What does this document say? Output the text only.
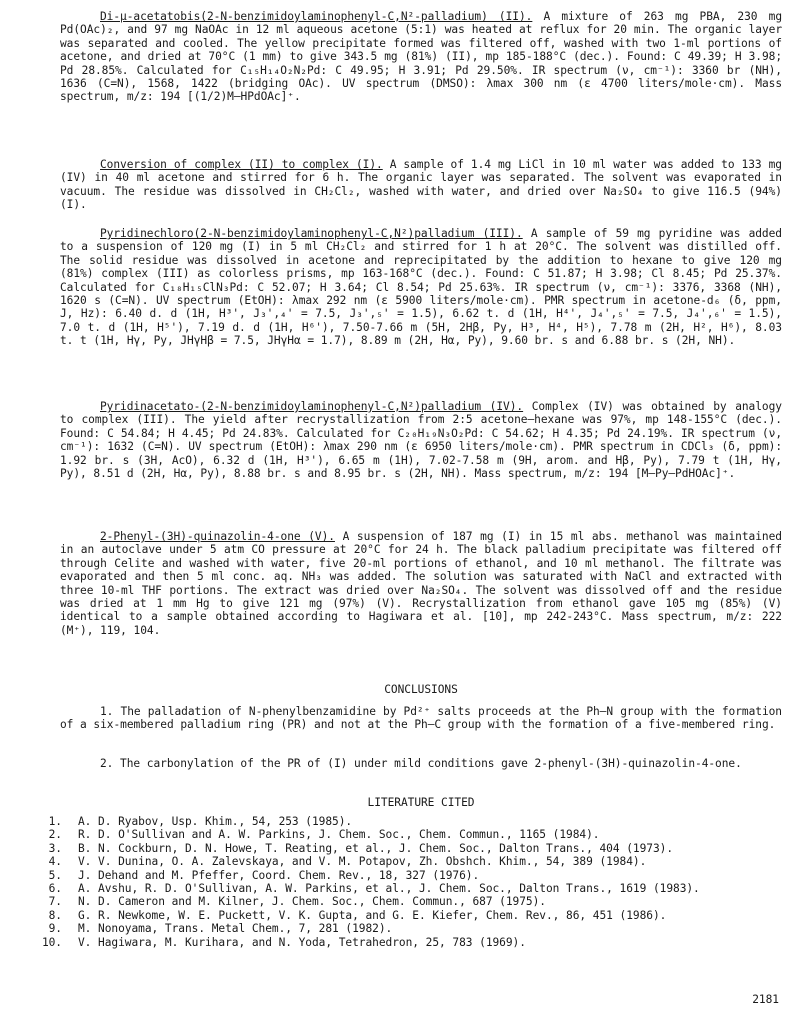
Di-μ-acetatobis(2-N-benzimidoylaminophenyl-C,N²-palladium) (II). A mixture of 263 mg PBA, 230 mg Pd(OAc)₂, and 97 mg NaOAc in 12 ml aqueous acetone (5:1) was heated at reflux for 20 min. The organic layer was separated and cooled. The yellow precipitate formed was filtered off, washed with two 1-ml portions of acetone, and dried at 70°C (1 mm) to give 343.5 mg (81%) (II), mp 185-188°C (dec.). Found: C 49.39; H 3.98; Pd 28.85%. Calculated for C₁₅H₁₄O₂N₂Pd: C 49.95; H 3.91; Pd 29.50%. IR spectrum (ν, cm⁻¹): 3360 br (NH), 1636 (C=N), 1568, 1422 (bridging OAc). UV spectrum (DMSO): λmax 300 nm (ε 4700 liters/mole·cm). Mass spectrum, m/z: 194 [(1/2)M–HPdOAc]⁺.

Conversion of complex (II) to complex (I). A sample of 1.4 mg LiCl in 10 ml water was added to 133 mg (IV) in 40 ml acetone and stirred for 6 h. The organic layer was separated. The solvent was evaporated in vacuum. The residue was dissolved in CH₂Cl₂, washed with water, and dried over Na₂SO₄ to give 116.5 (94%) (I).

Pyridinechloro(2-N-benzimidoylaminophenyl-C,N²)palladium (III). A sample of 59 mg pyridine was added to a suspension of 120 mg (I) in 5 ml CH₂Cl₂ and stirred for 1 h at 20°C. The solvent was distilled off. The solid residue was dissolved in acetone and reprecipitated by the addition to hexane to give 120 mg (81%) complex (III) as colorless prisms, mp 163-168°C (dec.). Found: C 51.87; H 3.98; Cl 8.45; Pd 25.37%. Calculated for C₁₈H₁₅ClN₃Pd: C 52.07; H 3.64; Cl 8.54; Pd 25.63%. IR spectrum (ν, cm⁻¹): 3376, 3368 (NH), 1620 s (C=N). UV spectrum (EtOH): λmax 292 nm (ε 5900 liters/mole·cm). PMR spectrum in acetone-d₆ (δ, ppm, J, Hz): 6.40 d. d (1H, H³', J₃',₄' = 7.5, J₃',₅' = 1.5), 6.62 t. d (1H, H⁴', J₄',₅' = 7.5, J₄',₆' = 1.5), 7.0 t. d (1H, H⁵'), 7.19 d. d (1H, H⁶'), 7.50-7.66 m (5H, 2Hβ, Py, H³, H⁴, H⁵), 7.78 m (2H, H², H⁶), 8.03 t. t (1H, Hγ, Py, JHγHβ = 7.5, JHγHα = 1.7), 8.89 m (2H, Hα, Py), 9.60 br. s and 6.88 br. s (2H, NH).

Pyridinacetato-(2-N-benzimidoylaminophenyl-C,N²)palladium (IV). Complex (IV) was obtained by analogy to complex (III). The yield after recrystallization from 2:5 acetone–hexane was 97%, mp 148-155°C (dec.). Found: C 54.84; H 4.45; Pd 24.83%. Calculated for C₂₀H₁₉N₃O₂Pd: C 54.62; H 4.35; Pd 24.19%. IR spectrum (ν, cm⁻¹): 1632 (C=N). UV spectrum (EtOH): λmax 290 nm (ε 6950 liters/mole·cm). PMR spectrum in CDCl₃ (δ, ppm): 1.92 br. s (3H, AcO), 6.32 d (1H, H³'), 6.65 m (1H), 7.02-7.58 m (9H, arom. and Hβ, Py), 7.79 t (1H, Hγ, Py), 8.51 d (2H, Hα, Py), 8.88 br. s and 8.95 br. s (2H, NH). Mass spectrum, m/z: 194 [M–Py–PdHOAc]⁺.

2-Phenyl-(3H)-quinazolin-4-one (V). A suspension of 187 mg (I) in 15 ml abs. methanol was maintained in an autoclave under 5 atm CO pressure at 20°C for 24 h. The black palladium precipitate was filtered off through Celite and washed with water, five 20-ml portions of ethanol, and 10 ml methanol. The filtrate was evaporated and then 5 ml conc. aq. NH₃ was added. The solution was saturated with NaCl and extracted with three 10-ml THF portions. The extract was dried over Na₂SO₄. The solvent was dissolved off and the residue was dried at 1 mm Hg to give 121 mg (97%) (V). Recrystallization from ethanol gave 105 mg (85%) (V) identical to a sample obtained according to Hagiwara et al. [10], mp 242-243°C. Mass spectrum, m/z: 222 (M⁺), 119, 104.

CONCLUSIONS

1. The palladation of N-phenylbenzamidine by Pd²⁺ salts proceeds at the Ph–N group with the formation of a six-membered palladium ring (PR) and not at the Ph–C group with the formation of a five-membered ring.

2. The carbonylation of the PR of (I) under mild conditions gave 2-phenyl-(3H)-quinazolin-4-one.

LITERATURE CITED

1. A. D. Ryabov, Usp. Khim., 54, 253 (1985).
2. R. D. O'Sullivan and A. W. Parkins, J. Chem. Soc., Chem. Commun., 1165 (1984).
3. B. N. Cockburn, D. N. Howe, T. Reating, et al., J. Chem. Soc., Dalton Trans., 404 (1973).
4. V. V. Dunina, O. A. Zalevskaya, and V. M. Potapov, Zh. Obshch. Khim., 54, 389 (1984).
5. J. Dehand and M. Pfeffer, Coord. Chem. Rev., 18, 327 (1976).
6. A. Avshu, R. D. O'Sullivan, A. W. Parkins, et al., J. Chem. Soc., Dalton Trans., 1619 (1983).
7. N. D. Cameron and M. Kilner, J. Chem. Soc., Chem. Commun., 687 (1975).
8. G. R. Newkome, W. E. Puckett, V. K. Gupta, and G. E. Kiefer, Chem. Rev., 86, 451 (1986).
9. M. Nonoyama, Trans. Metal Chem., 7, 281 (1982).
10. V. Hagiwara, M. Kurihara, and N. Yoda, Tetrahedron, 25, 783 (1969).

2181
